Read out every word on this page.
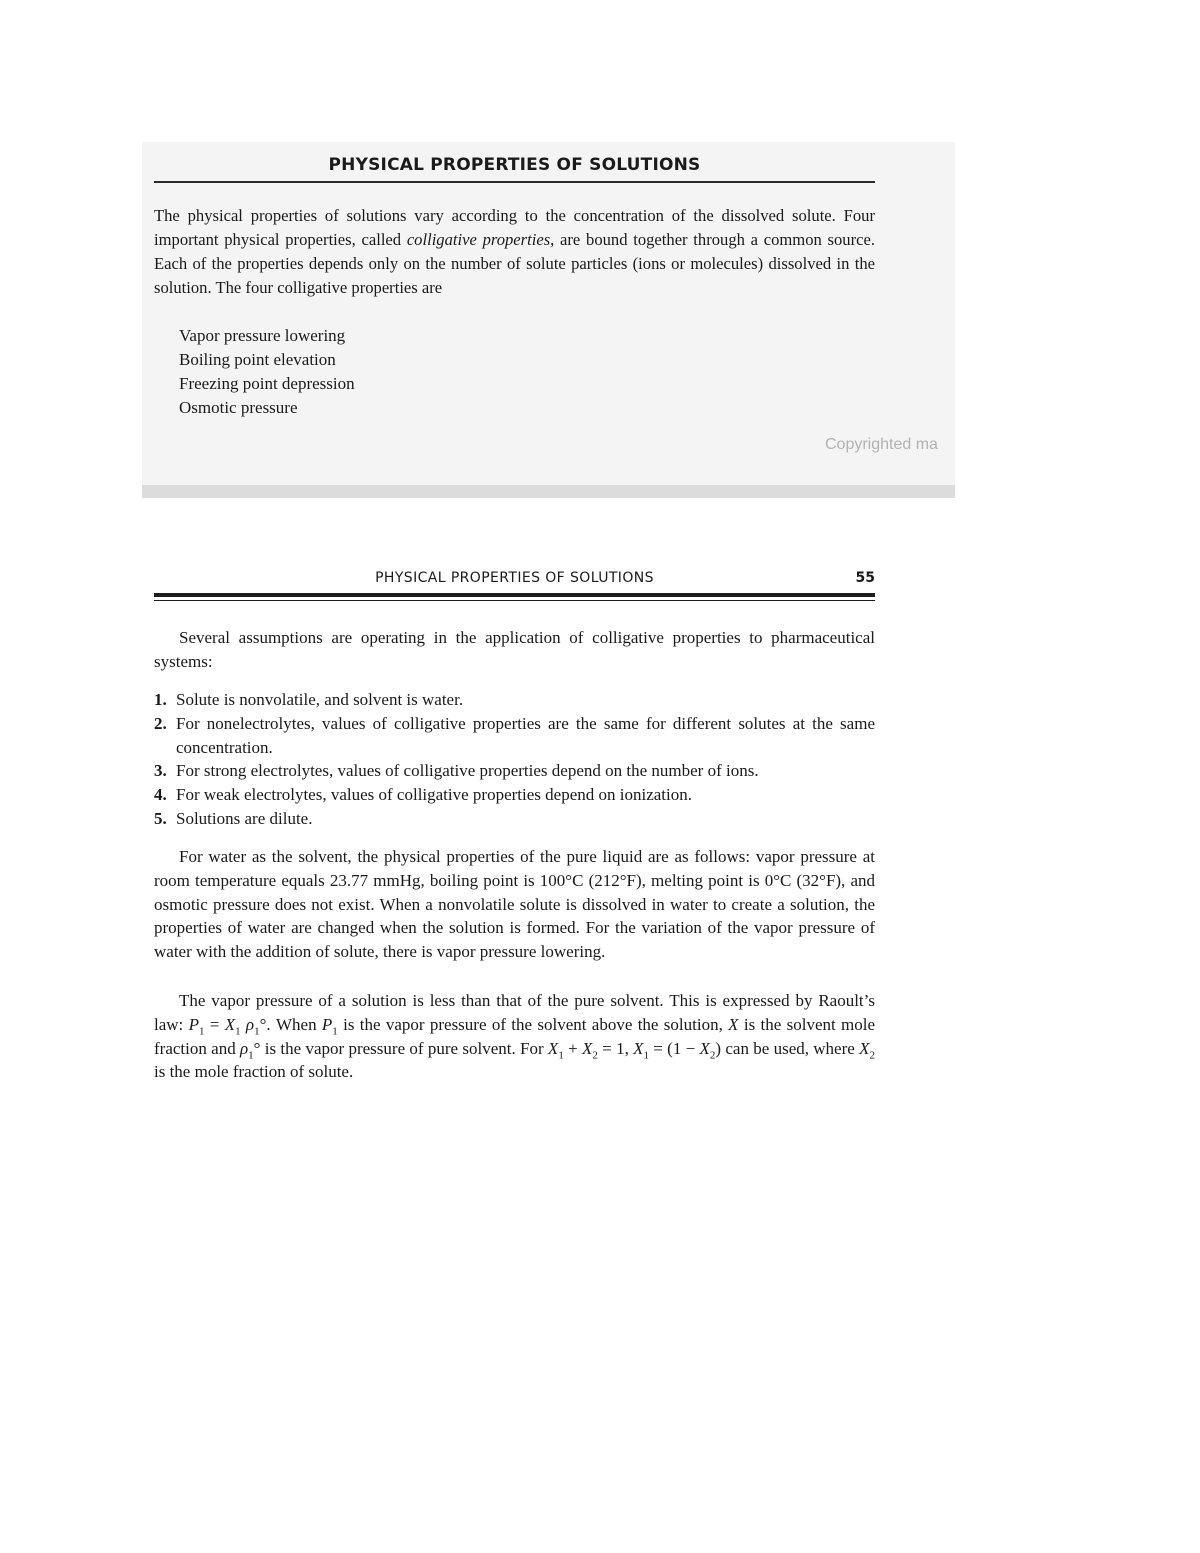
PHYSICAL PROPERTIES OF SOLUTIONS

The physical properties of solutions vary according to the concentration of the dissolved solute. Four important physical properties, called colligative properties, are bound together through a common source. Each of the properties depends only on the number of solute particles (ions or molecules) dissolved in the solution. The four colligative properties are

Vapor pressure lowering
Boiling point elevation
Freezing point depression
Osmotic pressure
Copyrighted ma
PHYSICAL PROPERTIES OF SOLUTIONS	55

Several assumptions are operating in the application of colligative properties to pharmaceutical systems:

1. Solute is nonvolatile, and solvent is water.
2. For nonelectrolytes, values of colligative properties are the same for different solutes at the same concentration.
3. For strong electrolytes, values of colligative properties depend on the number of ions.
4. For weak electrolytes, values of colligative properties depend on ionization.
5. Solutions are dilute.

For water as the solvent, the physical properties of the pure liquid are as follows: vapor pressure at room temperature equals 23.77 mmHg, boiling point is 100°C (212°F), melting point is 0°C (32°F), and osmotic pressure does not exist. When a nonvolatile solute is dissolved in water to create a solution, the properties of water are changed when the solution is formed. For the variation of the vapor pressure of water with the addition of solute, there is vapor pressure lowering.

The vapor pressure of a solution is less than that of the pure solvent. This is expressed by Raoult’s law: $P_1 = X_1$ $\rho_1^\circ$. When $P_1$ is the vapor pressure of the solvent above the solution, X is the solvent mole fraction and $\rho_1^\circ$ is the vapor pressure of pure solvent. For $X_1 + X_2 = 1$, $X_1 = (1 - X_2)$ can be used, where $X_2$ is the mole fraction of solute.
